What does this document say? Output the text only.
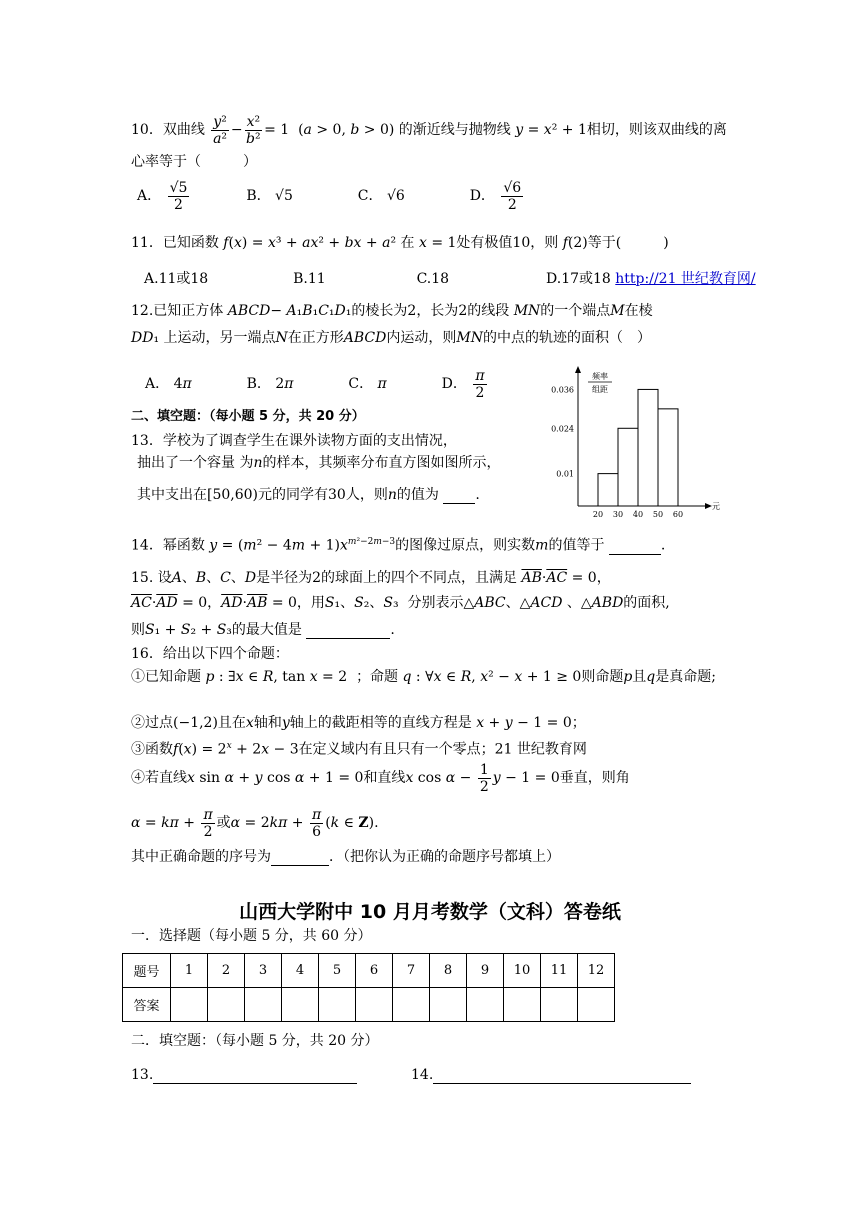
10．双曲线 $\frac{\text{y²}}{\text{a²}} - \frac{\text{x²}}{\text{b²}} = 1$  (a > 0, b > 0) 的渐近线与抛物线 y = x² + 1相切，则该双曲线的离
心率等于（　　　）
A． $\frac{√5}{2}$	B． √5	C． √6	D． $\frac{√6}{2}$
11．已知函数 f(x) = x³ + ax² + bx + a² 在 x = 1处有极值10，则 f(2)等于(　　　)
A.11或18	B.11	C.18	D.17或18 http://21 世纪教育网/
12.已知正方体 ABCD− A₁B₁C₁D₁的棱长为2，长为2的线段 MN的一个端点M在棱
DD₁ 上运动，另一端点N在正方形ABCD内运动，则MN的中点的轨迹的面积（　）
A． 4π	B． 2π	C． π	D． $\frac{\pi}{2}$
二、填空题：（每小题 5 分，共 20 分）
13．学校为了调查学生在课外读物方面的支出情况，
抽出了一个容量 为n的样本，其频率分布直方图如图所示，
其中支出在[50,60)元的同学有30人，则n的值为	.
频率
组距
0.036
0.024
0.01
20 30 40 50 60
元
14．幂函数 $y = (m^2 - 4m + 1)x^{m^2-2m-3}$的图像过原点，则实数m的值等于	.
15. 设A、B、C、D是半径为2的球面上的四个不同点，且满足 $\overline{AB}\cdot\overline{AC} = 0$，
$\overline{AC}\cdot\overline{AD} = 0$，$\overline{AD}\cdot\overline{AB} = 0$，用S₁、S₂、S₃  分别表示△ABC、△ACD 、△ABD的面积,
则S₁ + S₂ + S₃的最大值是	.
16．给出以下四个命题：
①已知命题 p : ∃x ∈ R, tan x = 2  ；命题 q : ∀x ∈ R, x² − x + 1 ≥ 0则命题p且q是真命题;
②过点(−1,2)且在x轴和y轴上的截距相等的直线方程是 x + y − 1 = 0；
③函数$f(x) = 2^x + 2x - 3$在定义域内有且只有一个零点；21 世纪教育网
④若直线x sin α + y cos α + 1 = 0和直线x $\cos \alpha - \frac{1}{2}$ y − 1 = 0垂直，则角
$\alpha = k\pi + \frac{\pi}{2}$ 或$\alpha = 2k\pi + \frac{\pi}{6} (k$ ∈ Z).
其中正确命题的序号为	．（把你认为正确的命题序号都填上）
山西大学附中 10 月月考数学（文科）答卷纸
一．选择题（每小题 5 分，共 60 分）
题号	1	2	3	4	5	6	7	8	9	10	11	12
答案												
二．填空题：（每小题 5 分，共 20 分）
13.	14.
